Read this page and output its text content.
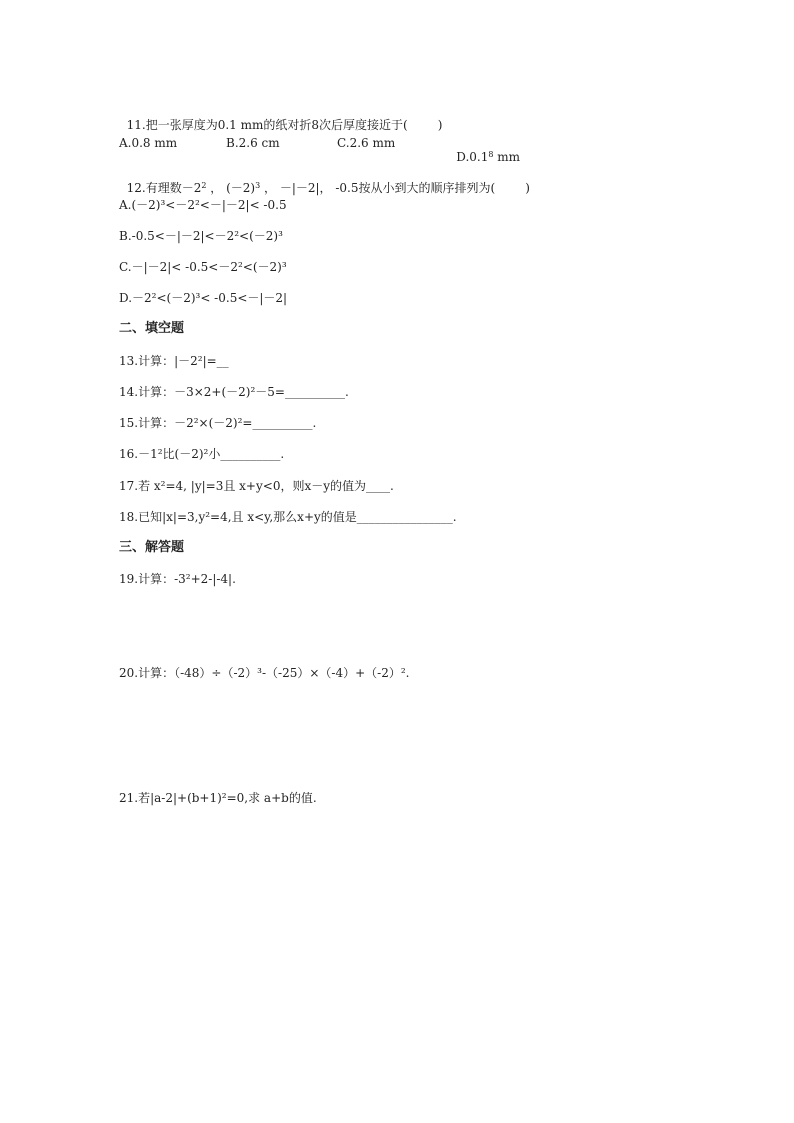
11.把一张厚度为0.1 mm的纸对折8次后厚度接近于(	)

A.0.8 mm	B.2.6 cm	C.2.6 mm

D.0.1$^8$ mm

12.有理数$-2^2$ ， $(-2)^3$ ， －|－2|， -0.5按从小到大的顺序排列为(	)

A.(－2)³<－2²<－|－2|< -0.5
B.-0.5<－|－2|<－2²<(－2)³
C.－|－2|< -0.5<－2²<(－2)³
D.－2²<(－2)³< -0.5<－|－2|
二、填空题
13.计算：|－2²|=__
14.计算：－3×2+(－2)²－5=__________.
15.计算：－2²×(－2)²=__________.
16.－1²比(－2)²小__________.
17.若 x²=4, |y|=3且 x+y<0，则x－y的值为____.
18.已知|x|=3,y²=4,且 x<y,那么x+y的值是________________.
三、解答题
19.计算：-3²+2-|-4|.
20.计算：（-48）÷（-2）³-（-25）×（-4）+（-2）².
21.若|a-2|+(b+1)²=0,求 a+b的值.
